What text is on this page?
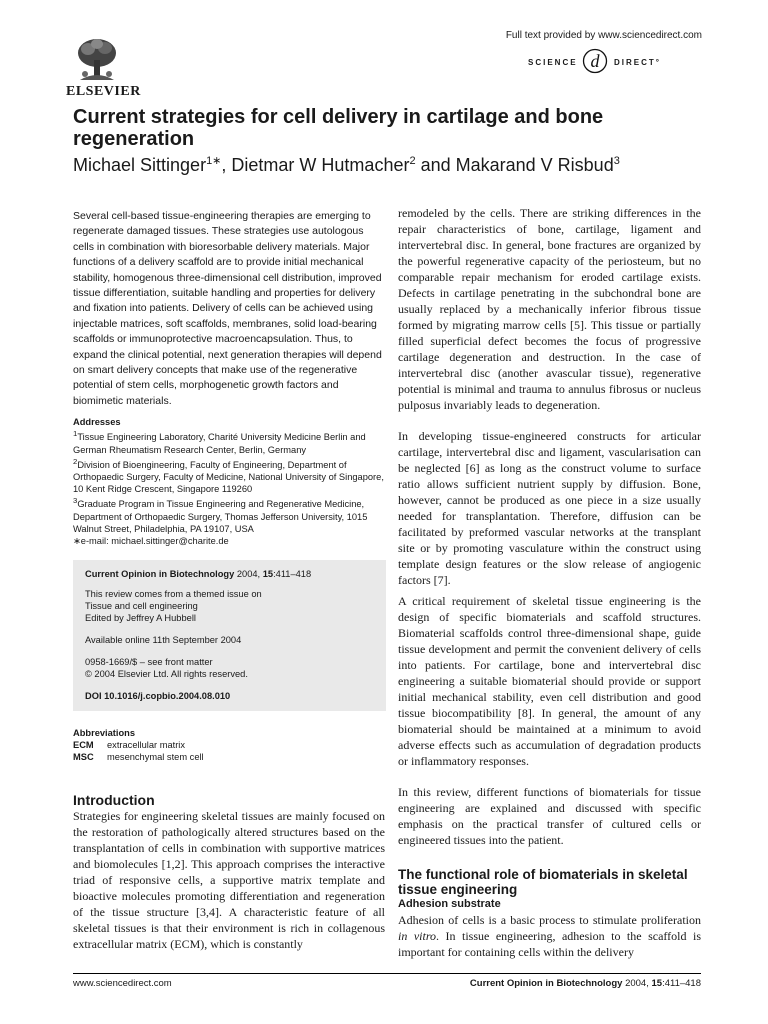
Full text provided by www.sciencedirect.com
SCIENCE d DIRECT°
ELSEVIER
Current strategies for cell delivery in cartilage and bone regeneration
Michael Sittinger$^{1∗}$, Dietmar W Hutmacher$^2$ and Makarand V Risbud$^3$

Several cell-based tissue-engineering therapies are emerging to regenerate damaged tissues. These strategies use autologous cells in combination with bioresorbable delivery materials. Major functions of a delivery scaffold are to provide initial mechanical stability, homogenous three-dimensional cell distribution, improved tissue differentiation, suitable handling and properties for delivery and fixation into patients. Delivery of cells can be achieved using injectable matrices, soft scaffolds, membranes, solid load-bearing scaffolds or immunoprotective macroencapsulation. Thus, to expand the clinical potential, next generation therapies will depend on smart delivery concepts that make use of the regenerative potential of stem cells, morphogenetic growth factors and biomimetic materials.

Addresses
$^1$Tissue Engineering Laboratory, Charité University Medicine Berlin and German Rheumatism Research Center, Berlin, Germany
$^2$Division of Bioengineering, Faculty of Engineering, Department of Orthopaedic Surgery, Faculty of Medicine, National University of Singapore, 10 Kent Ridge Crescent, Singapore 119260
$^3$Graduate Program in Tissue Engineering and Regenerative Medicine, Department of Orthopaedic Surgery, Thomas Jefferson University, 1015 Walnut Street, Philadelphia, PA 19107, USA
∗e-mail: michael.sittinger@charite.de
Current Opinion in Biotechnology 2004, 15:411–418
This review comes from a themed issue on
Tissue and cell engineering
Edited by Jeffrey A Hubbell
Available online 11th September 2004
0958-1669/$ – see front matter
© 2004 Elsevier Ltd. All rights reserved.
DOI 10.1016/j.copbio.2004.08.010
Abbreviations
ECM extracellular matrix
MSC mesenchymal stem cell
Introduction

Strategies for engineering skeletal tissues are mainly focused on the restoration of pathologically altered structures based on the transplantation of cells in combination with supportive matrices and biomolecules [1,2]. This approach comprises the interactive triad of responsive cells, a supportive matrix template and bioactive molecules promoting differentiation and regeneration of the tissue structure [3,4]. A characteristic feature of all skeletal tissues is that their environment is rich in collagenous extracellular matrix (ECM), which is constantly

remodeled by the cells. There are striking differences in the repair characteristics of bone, cartilage, ligament and intervertebral disc. In general, bone fractures are organized by the powerful regenerative capacity of the periosteum, but no comparable repair mechanism for eroded cartilage exists. Defects in cartilage penetrating in the subchondral bone are usually replaced by a mechanically inferior fibrous tissue formed by migrating marrow cells [5]. This tissue or partially filled superficial defect becomes the focus of progressive cartilage degeneration and destruction. In the case of intervertebral disc (another avascular tissue), regenerative potential is minimal and trauma to annulus fibrosus or nucleus pulposus invariably leads to degeneration.

In developing tissue-engineered constructs for articular cartilage, intervertebral disc and ligament, vascularisation can be neglected [6] as long as the construct volume to surface ratio allows sufficient nutrient supply by diffusion. Bone, however, cannot be produced as one piece in a size usually needed for transplantation. Therefore, diffusion can be facilitated by preformed vascular networks at the transplant site or by promoting vasculature within the construct using template design features or the slow release of angiogenic factors [7].

A critical requirement of skeletal tissue engineering is the design of specific biomaterials and scaffold structures. Biomaterial scaffolds control three-dimensional shape, guide tissue development and permit the convenient delivery of cells into patients. For cartilage, bone and intervertebral disc engineering a suitable biomaterial should provide or support initial mechanical stability, even cell distribution and good tissue biocompatibility [8]. In general, the amount of any biomaterial should be maintained at a minimum to avoid adverse effects such as accumulation of degradation products or inflammatory responses.

In this review, different functions of biomaterials for tissue engineering are explained and discussed with specific emphasis on the practical transfer of cultured cells or engineered tissues into the patient.

The functional role of biomaterials in skeletal tissue engineering
Adhesion substrate

Adhesion of cells is a basic process to stimulate proliferation in vitro. In tissue engineering, adhesion to the scaffold is important for containing cells within the delivery

www.sciencedirect.com	Current Opinion in Biotechnology 2004, 15:411–418
